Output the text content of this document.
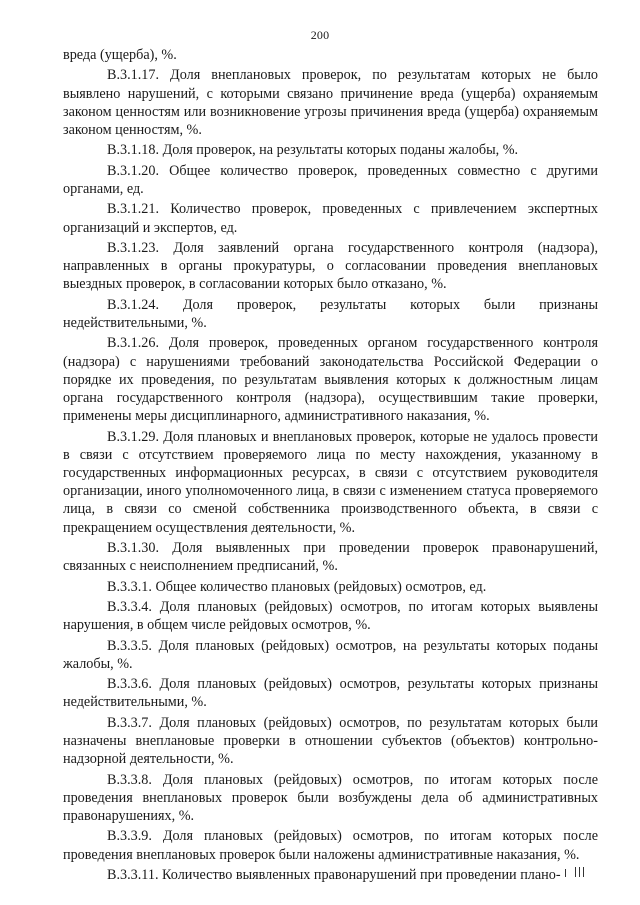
200

вреда (ущерба), %.

В.3.1.17. Доля внеплановых проверок, по результатам которых не было выявлено нарушений, с которыми связано причинение вреда (ущерба) охраняемым законом ценностям или возникновение угрозы причинения вреда (ущерба) охраняемым законом ценностям, %.

В.3.1.18. Доля проверок, на результаты которых поданы жалобы, %.

В.3.1.20. Общее количество проверок, проведенных совместно с другими органами, ед.

В.3.1.21. Количество проверок, проведенных с привлечением экспертных организаций и экспертов, ед.

В.3.1.23. Доля заявлений органа государственного контроля (надзора), направленных в органы прокуратуры, о согласовании проведения внеплановых выездных проверок, в согласовании которых было отказано, %.

В.3.1.24. Доля проверок, результаты которых были признаны недействительными, %.

В.3.1.26. Доля проверок, проведенных органом государственного контроля (надзора) с нарушениями требований законодательства Российской Федерации о порядке их проведения, по результатам выявления которых к должностным лицам органа государственного контроля (надзора), осуществившим такие проверки, применены меры дисциплинарного, административного наказания, %.

В.3.1.29. Доля плановых и внеплановых проверок, которые не удалось провести в связи с отсутствием проверяемого лица по месту нахождения, указанному в государственных информационных ресурсах, в связи с отсутствием руководителя организации, иного уполномоченного лица, в связи с изменением статуса проверяемого лица, в связи со сменой собственника производственного объекта, в связи с прекращением осуществления деятельности, %.

В.3.1.30. Доля выявленных при проведении проверок правонарушений, связанных с неисполнением предписаний, %.

В.3.3.1. Общее количество плановых (рейдовых) осмотров, ед.

В.3.3.4. Доля плановых (рейдовых) осмотров, по итогам которых выявлены нарушения, в общем числе рейдовых осмотров, %.

В.3.3.5. Доля плановых (рейдовых) осмотров, на результаты которых поданы жалобы, %.

В.3.3.6. Доля плановых (рейдовых) осмотров, результаты которых признаны недействительными, %.

В.3.3.7. Доля плановых (рейдовых) осмотров, по результатам которых были назначены внеплановые проверки в отношении субъектов (объектов) контрольно-надзорной деятельности, %.

В.3.3.8. Доля плановых (рейдовых) осмотров, по итогам которых после проведения внеплановых проверок были возбуждены дела об административных правонарушениях, %.

В.3.3.9. Доля плановых (рейдовых) осмотров, по итогам которых после проведения внеплановых проверок были наложены административные наказания, %.

В.3.3.11. Количество выявленных правонарушений при проведении плано-
